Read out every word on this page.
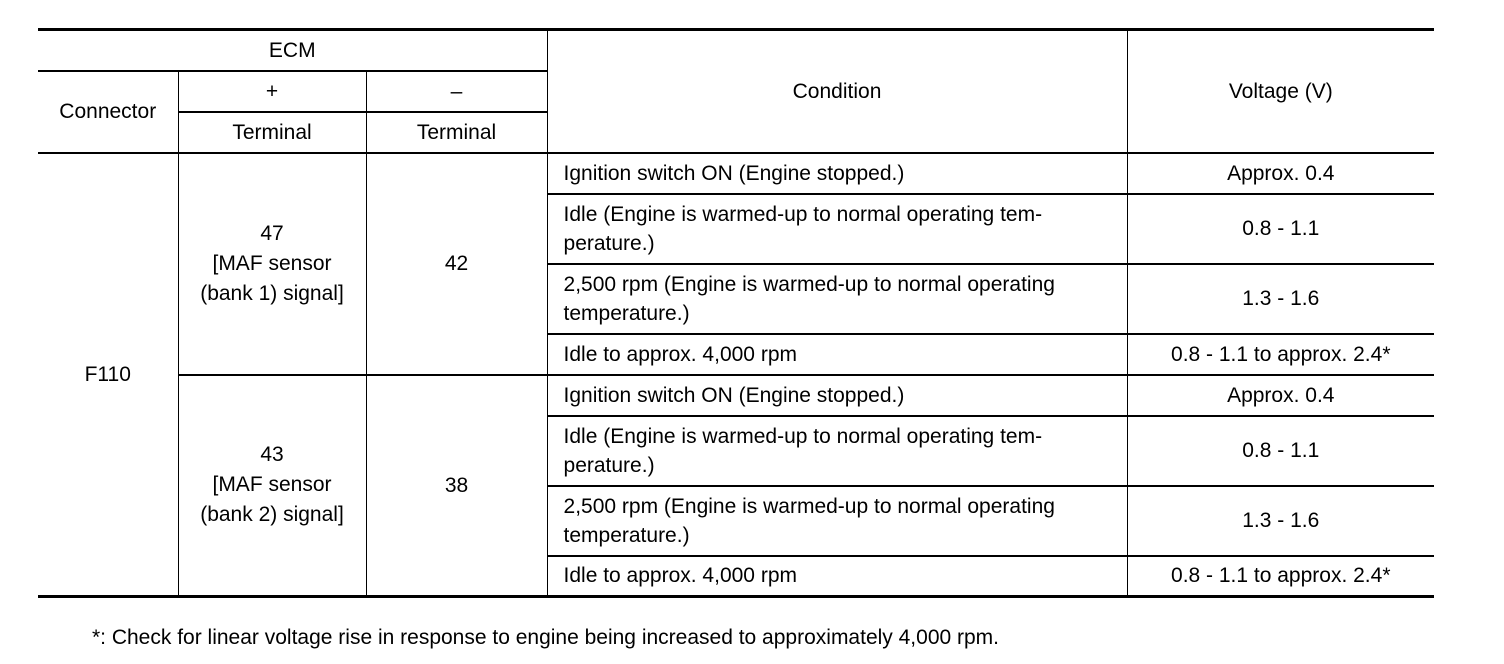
ECM			Condition	Voltage (V)
Connector	+	–		
	Terminal	Terminal		
F110	47
[MAF sensor
(bank 1) signal]	42	Ignition switch ON (Engine stopped.)	Approx. 0.4
			Idle (Engine is warmed-up to normal operating tem-perature.)	0.8 - 1.1
			2,500 rpm (Engine is warmed-up to normal operating temperature.)	1.3 - 1.6
			Idle to approx. 4,000 rpm	0.8 - 1.1 to approx. 2.4*

	43
[MAF sensor
(bank 2) signal]	38	Ignition switch ON (Engine stopped.)	Approx. 0.4
			Idle (Engine is warmed-up to normal operating tem-perature.)	0.8 - 1.1
			2,500 rpm (Engine is warmed-up to normal operating temperature.)	1.3 - 1.6
			Idle to approx. 4,000 rpm	0.8 - 1.1 to approx. 2.4*
*: Check for linear voltage rise in response to engine being increased to approximately 4,000 rpm.
